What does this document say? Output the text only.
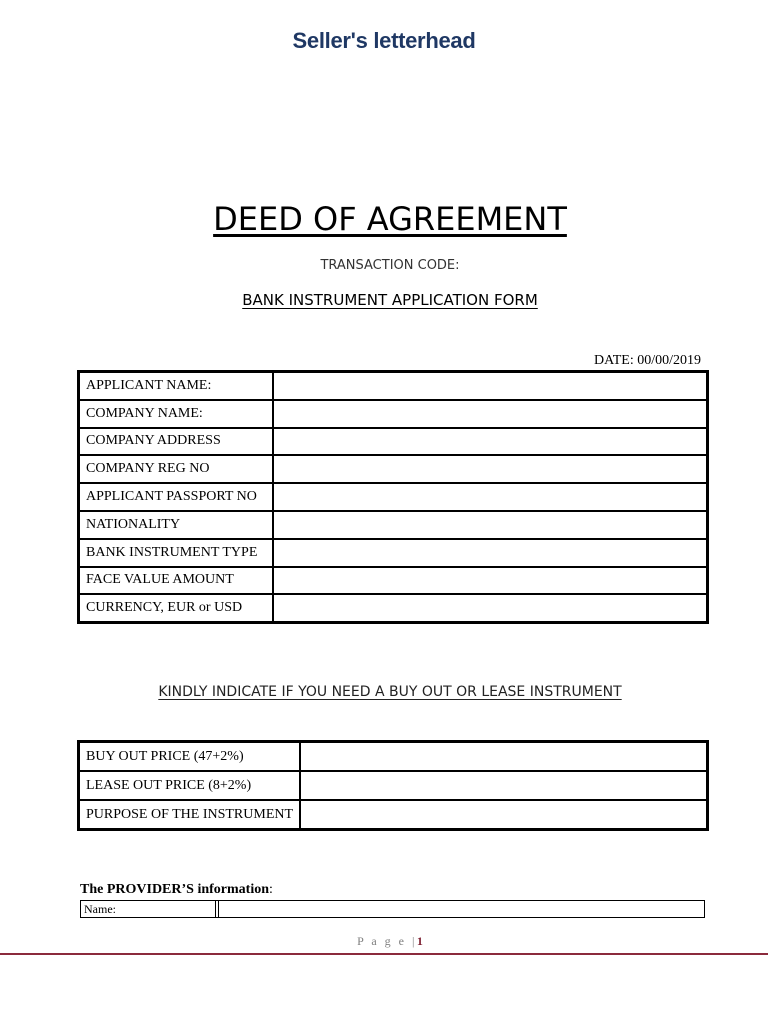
Seller's letterhead
DEED OF AGREEMENT
TRANSACTION CODE:
BANK INSTRUMENT APPLICATION FORM
DATE: 00/00/2019
APPLICANT NAME:	
COMPANY NAME:	
COMPANY ADDRESS	
COMPANY REG NO	
APPLICANT PASSPORT NO	
NATIONALITY	
BANK INSTRUMENT TYPE	
FACE VALUE AMOUNT	
CURRENCY, EUR or USD	
KINDLY INDICATE IF YOU NEED A BUY OUT OR LEASE INSTRUMENT
BUY OUT PRICE (47+2%)	
LEASE OUT PRICE (8+2%)	
PURPOSE OF THE INSTRUMENT	
The PROVIDER’S information:
Name:		
P a g e |1
